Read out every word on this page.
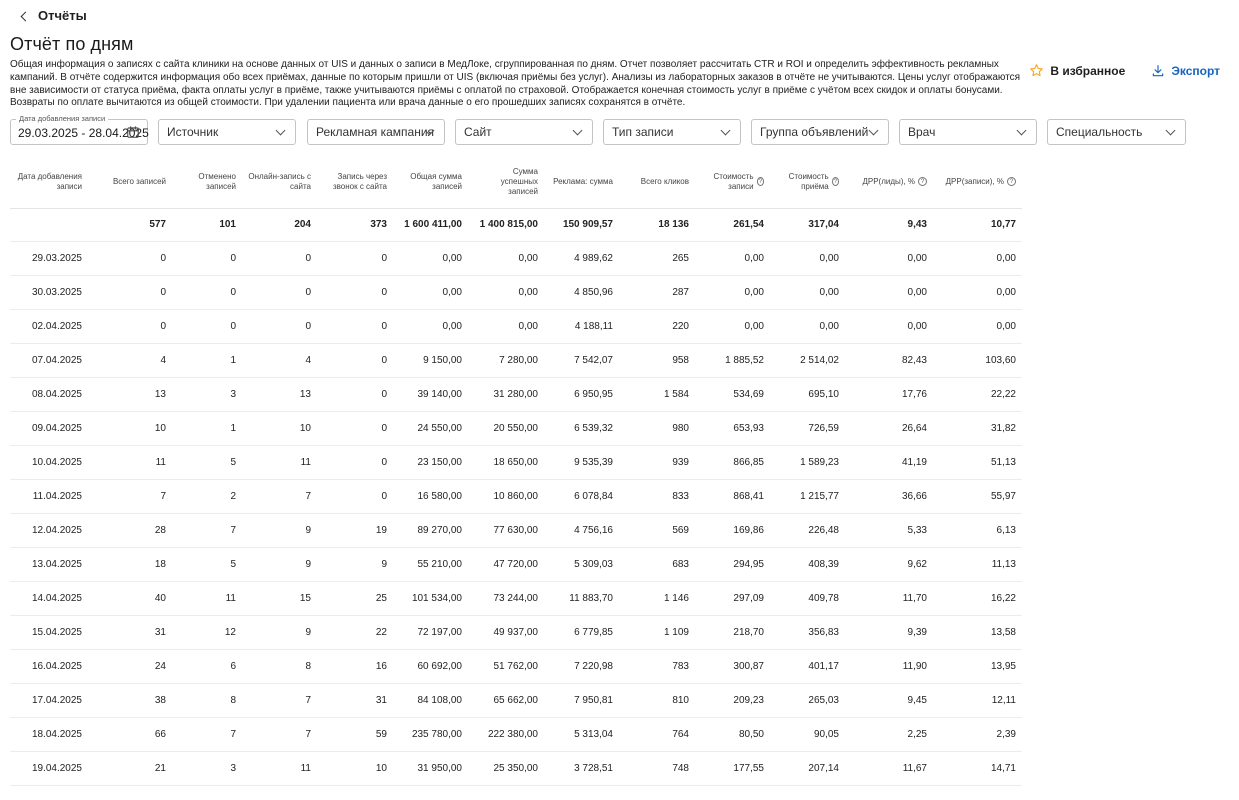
Отчёты
Отчёт по дням

Общая информация о записях с сайта клиники на основе данных от UIS и данных о записи в МедЛоке, сгруппированная по дням. Отчет позволяет рассчитать CTR и ROI и определить эффективность рекламных кампаний. В отчёте содержится информация обо всех приёмах, данные по которым пришли от UIS (включая приёмы без услуг). Анализы из лабораторных заказов в отчёте не учитываются. Цены услуг отображаются вне зависимости от статуса приёма, факта оплаты услуг в приёме, также учитываются приёмы с оплатой по страховой. Отображается конечная стоимость услуг в приёме с учётом всех скидок и оплаты бонусами. Возвраты по оплате вычитаются из общей стоимости. При удалении пациента или врача данные о его прошедших записях сохранятся в отчёте.

В избранное	Экспорт
Дата добавления записи
29.03.2025 - 28.04.2025 Источник	Рекламная кампания Сайт	Тип записи	Группа объявлений	Врач	Специальность
Дата добавления записи	Всего записей	Отменено записей	Онлайн-запись с сайта	Запись через звонок с сайта	Общая сумма записей	Сумма успешных записей	Реклама: сумма	Всего кликов	Стоимость записи ?	Стоимость приёма ?	ДРР(лиды), % ?	ДРР(записи), % ?

	577	101	204	373	1 600 411,00	1 400 815,00	150 909,57	18 136	261,54	317,04	9,43	10,77
29.03.2025	0	0	0	0	0,00	0,00	4 989,62	265	0,00	0,00	0,00	0,00
30.03.2025	0	0	0	0	0,00	0,00	4 850,96	287	0,00	0,00	0,00	0,00
02.04.2025	0	0	0	0	0,00	0,00	4 188,11	220	0,00	0,00	0,00	0,00
07.04.2025	4	1	4	0	9 150,00	7 280,00	7 542,07	958	1 885,52	2 514,02	82,43	103,60
08.04.2025	13	3	13	0	39 140,00	31 280,00	6 950,95	1 584	534,69	695,10	17,76	22,22
09.04.2025	10	1	10	0	24 550,00	20 550,00	6 539,32	980	653,93	726,59	26,64	31,82
10.04.2025	11	5	11	0	23 150,00	18 650,00	9 535,39	939	866,85	1 589,23	41,19	51,13
11.04.2025	7	2	7	0	16 580,00	10 860,00	6 078,84	833	868,41	1 215,77	36,66	55,97
12.04.2025	28	7	9	19	89 270,00	77 630,00	4 756,16	569	169,86	226,48	5,33	6,13
13.04.2025	18	5	9	9	55 210,00	47 720,00	5 309,03	683	294,95	408,39	9,62	11,13
14.04.2025	40	11	15	25	101 534,00	73 244,00	11 883,70	1 146	297,09	409,78	11,70	16,22
15.04.2025	31	12	9	22	72 197,00	49 937,00	6 779,85	1 109	218,70	356,83	9,39	13,58
16.04.2025	24	6	8	16	60 692,00	51 762,00	7 220,98	783	300,87	401,17	11,90	13,95
17.04.2025	38	8	7	31	84 108,00	65 662,00	7 950,81	810	209,23	265,03	9,45	12,11
18.04.2025	66	7	7	59	235 780,00	222 380,00	5 313,04	764	80,50	90,05	2,25	2,39
19.04.2025	21	3	11	10	31 950,00	25 350,00	3 728,51	748	177,55	207,14	11,67	14,71
